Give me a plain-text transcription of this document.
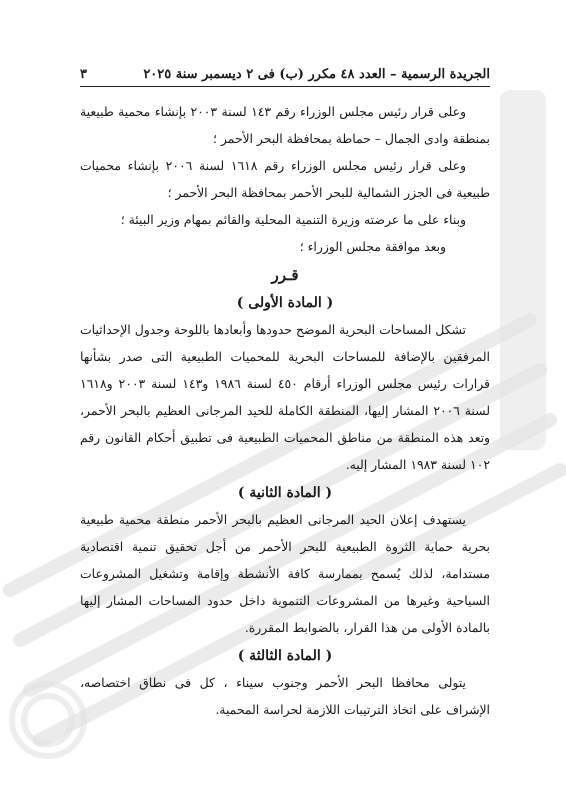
الجريدة الرسمية – العدد ٤٨ مكرر (ب) فى ٢ ديسمبر سنة ٢٠٢٥
٣

وعلى قرار رئيس مجلس الوزراء رقم ١٤٣ لسنة ٢٠٠٣ بإنشاء محمية طبيعية بمنطقة وادى الجمال – حماطة بمحافظة البحر الأحمر ؛

وعلى قرار رئيس مجلس الوزراء رقم ١٦١٨ لسنة ٢٠٠٦ بإنشاء محميات طبيعية فى الجزر الشمالية للبحر الأحمر بمحافظة البحر الأحمر ؛

وبناء على ما عرضته وزيرة التنمية المحلية والقائم بمهام وزير البيئة ؛

وبعد موافقة مجلس الوزراء ؛

قـرر

( المادة الأولى )

تشكل المساحات البحرية الموضح حدودها وأبعادها باللوحة وجدول الإحداثيات المرفقين بالإضافة للمساحات البحرية للمحميات الطبيعية التى صدر بشأنها قرارات رئيس مجلس الوزراء أرقام ٤٥٠ لسنة ١٩٨٦ و١٤٣ لسنة ٢٠٠٣ و١٦١٨ لسنة ٢٠٠٦ المشار إليها، المنطقة الكاملة للحيد المرجانى العظيم بالبحر الأحمر، وتعد هذه المنطقة من مناطق المحميات الطبيعية فى تطبيق أحكام القانون رقم ١٠٢ لسنة ١٩٨٣ المشار إليه.

( المادة الثانية )

يستهدف إعلان الحيد المرجانى العظيم بالبحر الأحمر منطقة محمية طبيعية بحرية حماية الثروة الطبيعية للبحر الأحمر من أجل تحقيق تنمية اقتصادية مستدامة، لذلك يُسمح بممارسة كافة الأنشطة وإقامة وتشغيل المشروعات السياحية وغيرها من المشروعات التنموية داخل حدود المساحات المشار إليها بالمادة الأولى من هذا القرار، بالضوابط المقررة.

( المادة الثالثة )

يتولى محافظا البحر الأحمر وجنوب سيناء ، كل فى نطاق اختصاصه، الإشراف على اتخاذ الترتيبات اللازمة لحراسة المحمية.
